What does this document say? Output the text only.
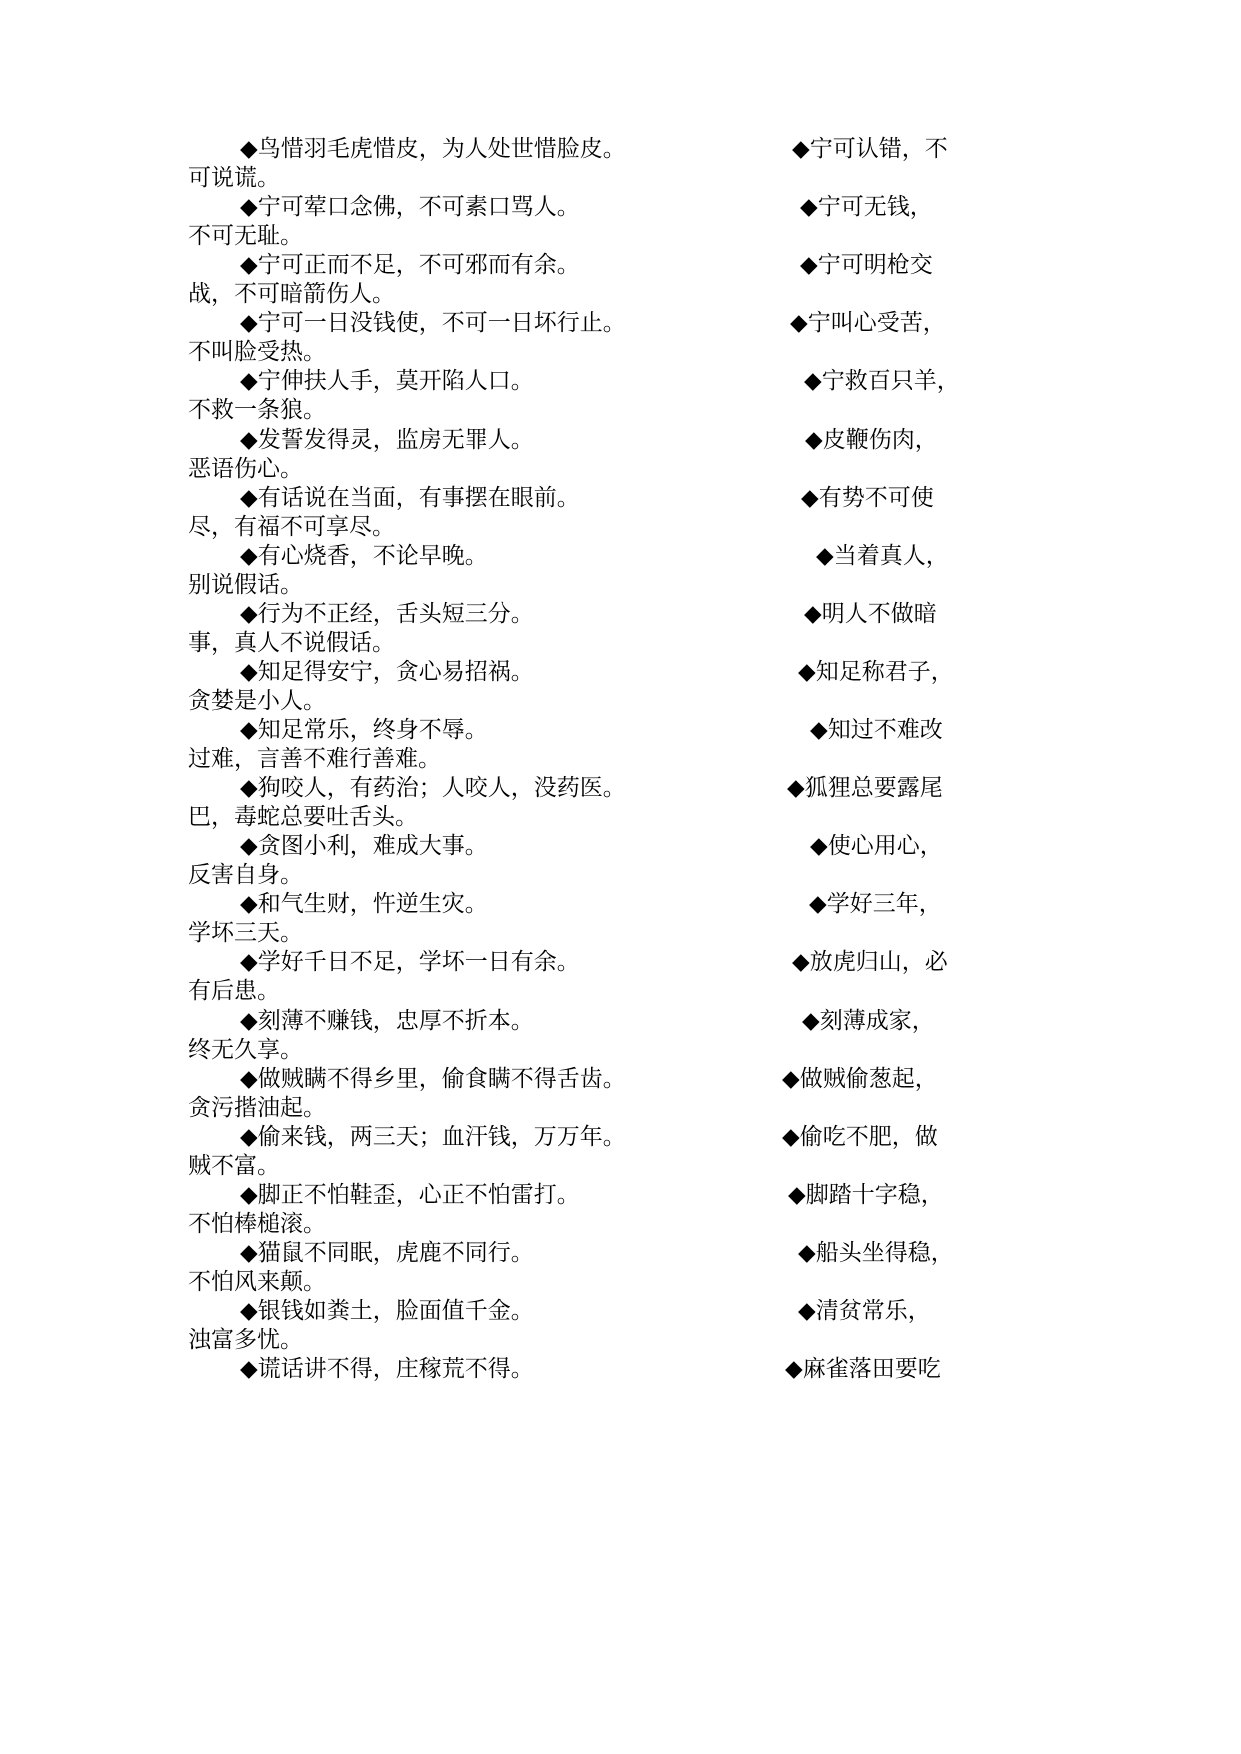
◆鸟惜羽毛虎惜皮，为人处世惜脸皮。	◆宁可认错，不
可说谎。
◆宁可荤口念佛，不可素口骂人。	◆宁可无钱，
不可无耻。
◆宁可正而不足，不可邪而有余。	◆宁可明枪交
战，不可暗箭伤人。
◆宁可一日没钱使，不可一日坏行止。	◆宁叫心受苦，
不叫脸受热。
◆宁伸扶人手，莫开陷人口。	◆宁救百只羊，
不救一条狼。
◆发誓发得灵，监房无罪人。	◆皮鞭伤肉，
恶语伤心。
◆有话说在当面，有事摆在眼前。	◆有势不可使
尽，有福不可享尽。
◆有心烧香，不论早晚。	◆当着真人，
别说假话。
◆行为不正经，舌头短三分。	◆明人不做暗
事，真人不说假话。
◆知足得安宁，贪心易招祸。	◆知足称君子，
贪婪是小人。
◆知足常乐，终身不辱。	◆知过不难改
过难，言善不难行善难。
◆狗咬人，有药治；人咬人，没药医。	◆狐狸总要露尾
巴，毒蛇总要吐舌头。
◆贪图小利，难成大事。	◆使心用心，
反害自身。
◆和气生财，忤逆生灾。	◆学好三年，
学坏三天。
◆学好千日不足，学坏一日有余。	◆放虎归山，必
有后患。
◆刻薄不赚钱，忠厚不折本。	◆刻薄成家，
终无久享。
◆做贼瞒不得乡里，偷食瞒不得舌齿。	◆做贼偷葱起，
贪污揩油起。
◆偷来钱，两三天；血汗钱，万万年。	◆偷吃不肥，做
贼不富。
◆脚正不怕鞋歪，心正不怕雷打。	◆脚踏十字稳，
不怕棒槌滚。
◆猫鼠不同眠，虎鹿不同行。	◆船头坐得稳，
不怕风来颠。
◆银钱如粪土，脸面值千金。	◆清贫常乐，
浊富多忧。
◆谎话讲不得，庄稼荒不得。	◆麻雀落田要吃
